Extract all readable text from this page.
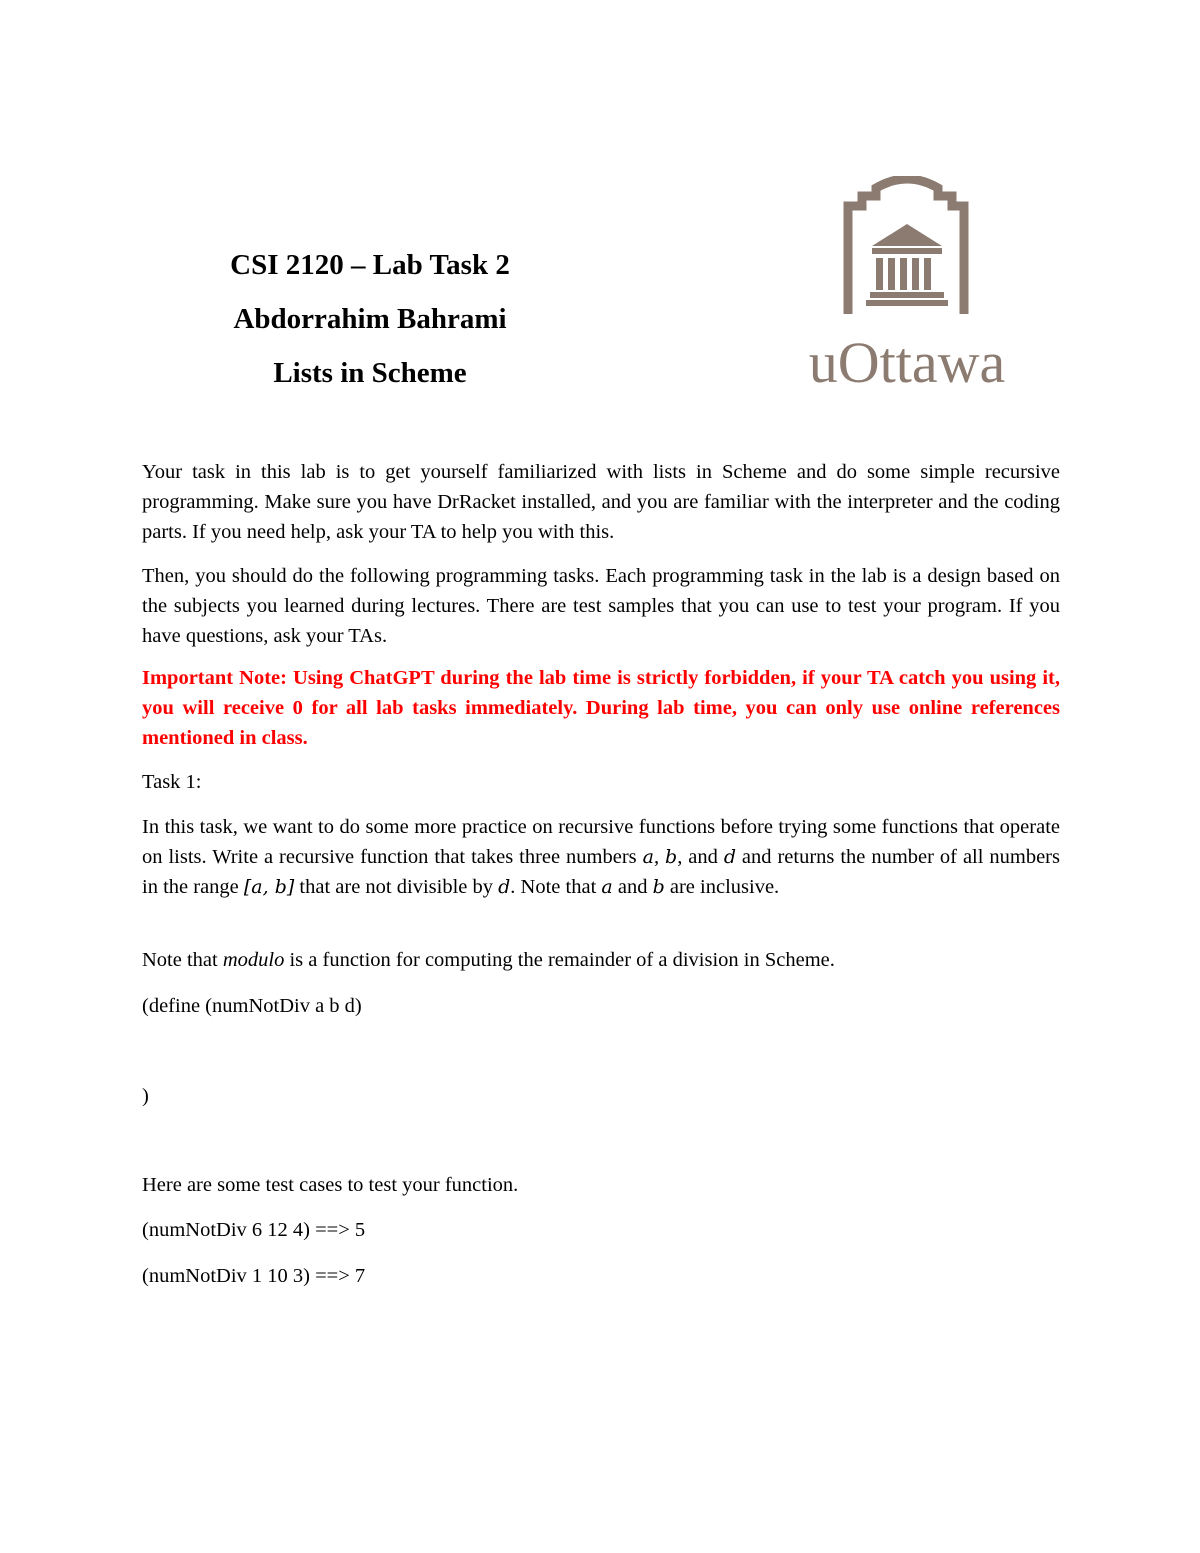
CSI 2120 – Lab Task 2
Abdorrahim Bahrami
Lists in Scheme	uOttawa
Your task in this lab is to get yourself familiarized with lists in Scheme and do some simple recursive programming. Make sure you have DrRacket installed, and you are familiar with the interpreter and the coding parts. If you need help, ask your TA to help you with this.
Then, you should do the following programming tasks. Each programming task in the lab is a design based on the subjects you learned during lectures. There are test samples that you can use to test your program. If you have questions, ask your TAs.
Important Note: Using ChatGPT during the lab time is strictly forbidden, if your TA catch you using it, you will receive 0 for all lab tasks immediately. During lab time, you can only use online references mentioned in class.
Task 1:
In this task, we want to do some more practice on recursive functions before trying some functions that operate on lists. Write a recursive function that takes three numbers a, b, and d and returns the number of all numbers in the range [a, b] that are not divisible by d. Note that a and b are inclusive.
Note that modulo is a function for computing the remainder of a division in Scheme.
(define (numNotDiv a b d)
)
Here are some test cases to test your function.
(numNotDiv 6 12 4) ==> 5
(numNotDiv 1 10 3) ==> 7
